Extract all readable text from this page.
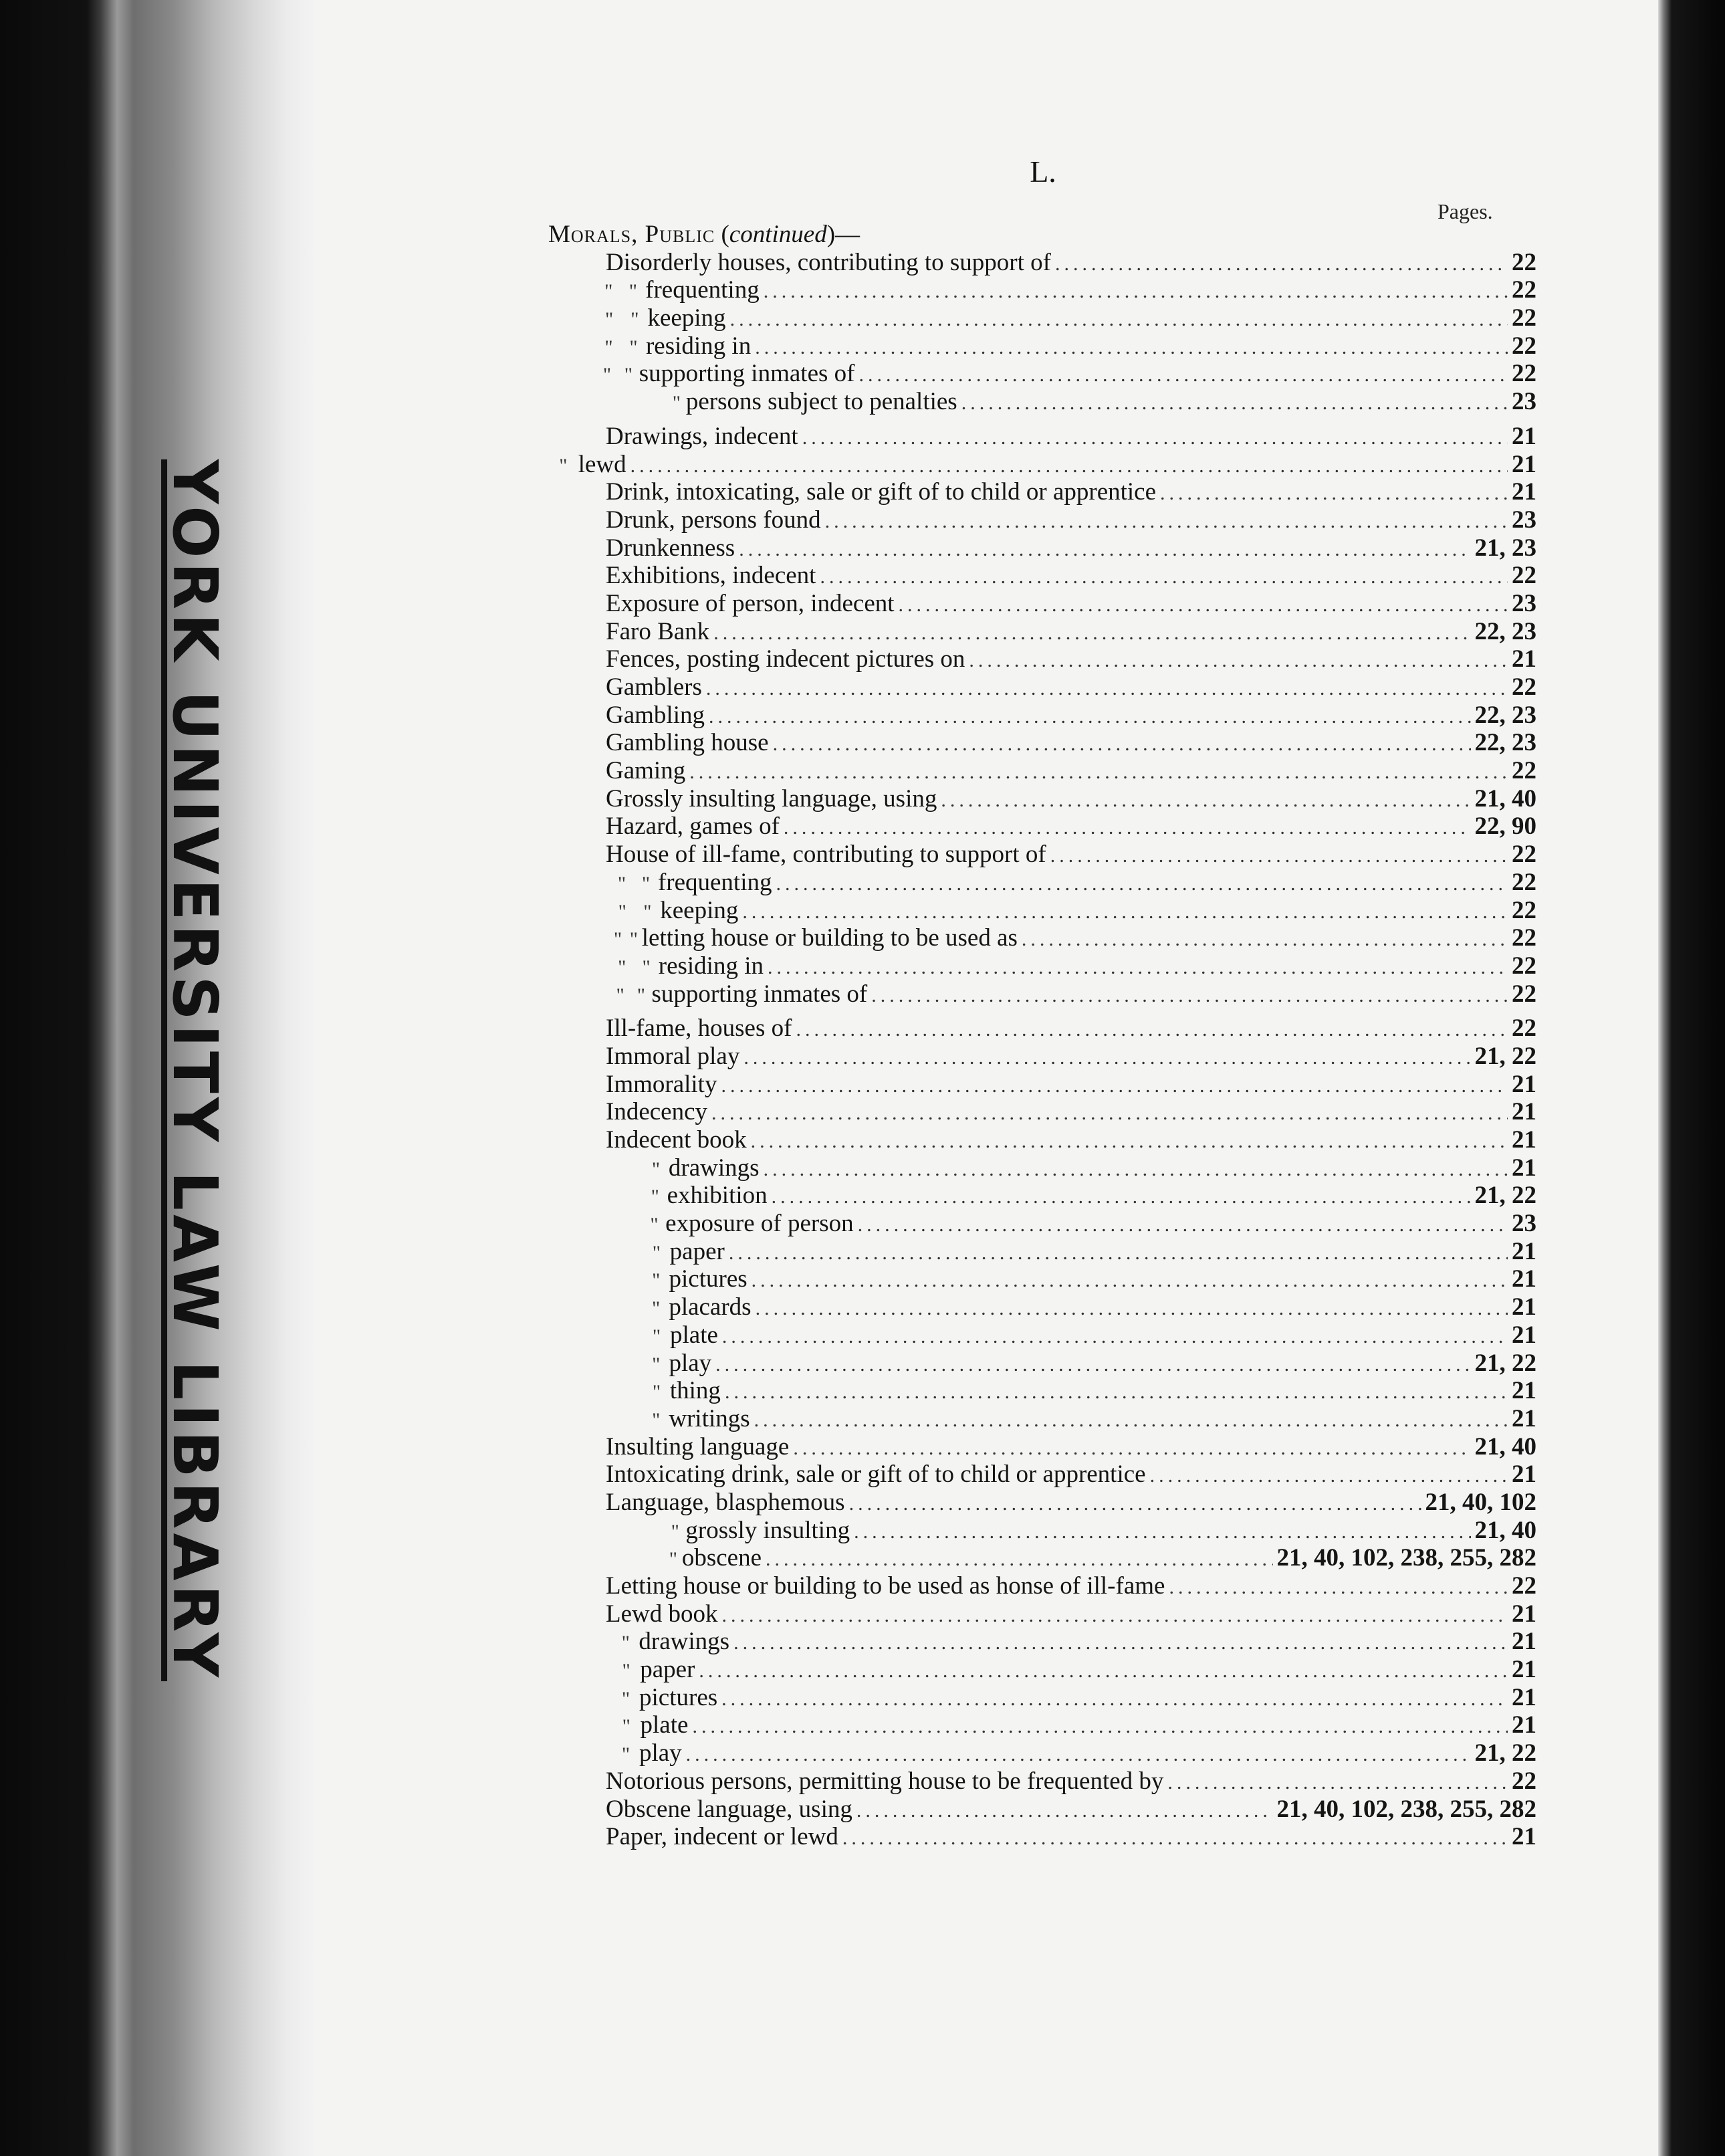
YORK UNIVERSITY LAW LIBRARY
L.
Pages.
Morals, Public ( continued ) —
Disorderly houses, contributing to support of .....	22
" " frequenting .....	22
" " keeping .....	22
" " residing in .....	22
" " supporting inmates of .....	22
" persons subject to penalties .....	23
Drawings, indecent .....	21
" lewd .....	21
Drink, intoxicating, sale or gift of to child or apprentice .....	21
Drunk, persons found .....	23
Drunkenness .....	21, 23
Exhibitions, indecent .....	22
Exposure of person, indecent .....	23
Faro Bank .....	22, 23
Fences, posting indecent pictures on .....	21
Gamblers .....	22
Gambling .....	22, 23
Gambling house .....	22, 23
Gaming .....	22
Grossly insulting language, using .....	21, 40
Hazard, games of .....	22, 90
House of ill-fame, contributing to support of .....	22
" " frequenting .....	22
" " keeping .....	22
" " letting house or building to be used as .....	22
" " residing in .....	22
" " supporting inmates of .....	22
Ill-fame, houses of .....	22
Immoral play .....	21, 22
Immorality .....	21
Indecency .....	21
Indecent book .....	21
" drawings .....	21
" exhibition .....	21, 22
" exposure of person .....	23
" paper .....	21
" pictures .....	21
" placards .....	21
" plate .....	21
" play .....	21, 22
" thing .....	21
" writings .....	21
Insulting language .....	21, 40
Intoxicating drink, sale or gift of to child or apprentice .....	21
Language, blasphemous .....	21, 40, 102
" grossly insulting .....	21, 40
" obscene .....	21, 40, 102, 238, 255, 282
Letting house or building to be used as honse of ill-fame .....	22
Lewd book .....	21
" drawings .....	21
" paper .....	21
" pictures .....	21
" plate .....	21
" play .....	21, 22
Notorious persons, permitting house to be frequented by .....	22
Obscene language, using .....	21, 40, 102, 238, 255, 282
Paper, indecent or lewd .....	21
